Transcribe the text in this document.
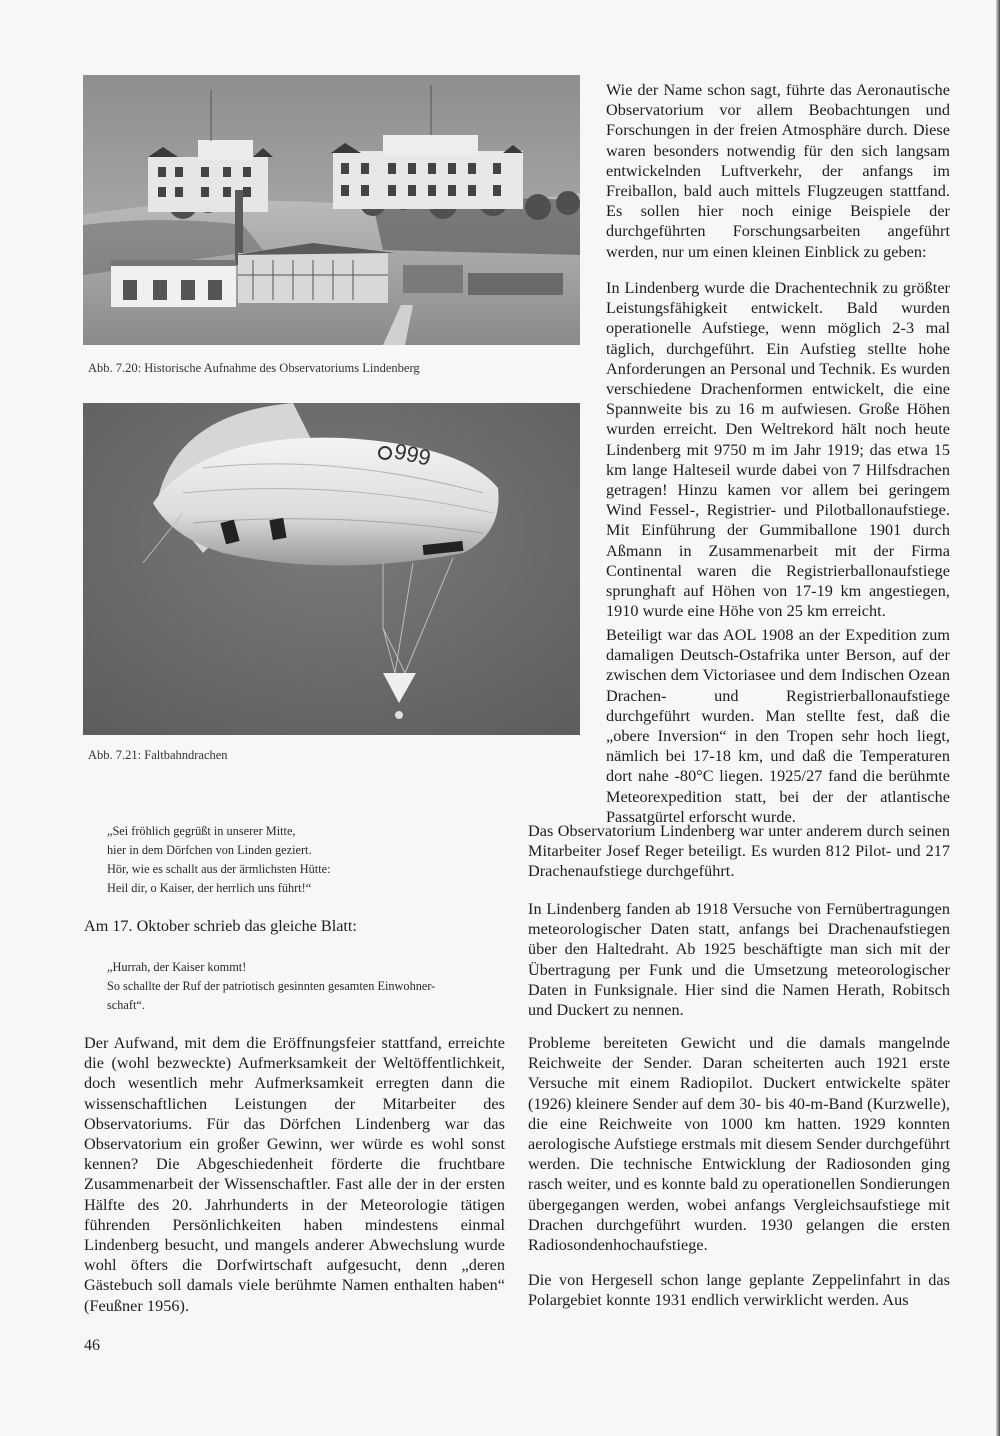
Abb. 7.20: Historische Aufnahme des Observatoriums Lindenberg

999

Abb. 7.21: Faltbahndrachen

„Sei fröhlich gegrüßt in unserer Mitte,
hier in dem Dörfchen von Linden geziert.
Hör, wie es schallt aus der ärmlichsten Hütte:
Heil dir, o Kaiser, der herrlich uns führt!“

Am 17. Oktober schrieb das gleiche Blatt:

„Hurrah, der Kaiser kommt!
So schallte der Ruf der patriotisch gesinnten gesamten Einwohner-
schaft“.

Der Aufwand, mit dem die Eröffnungsfeier stattfand, erreichte die (wohl bezweckte) Aufmerksamkeit der Weltöffentlichkeit, doch wesentlich mehr Aufmerksamkeit erregten dann die wissenschaftlichen Leistungen der Mitarbeiter des Observatoriums. Für das Dörfchen Lindenberg war das Observatorium ein großer Gewinn, wer würde es wohl sonst kennen? Die Abgeschiedenheit förderte die fruchtbare Zusammenarbeit der Wissenschaftler. Fast alle der in der ersten Hälfte des 20. Jahrhunderts in der Meteorologie tätigen führenden Persönlichkeiten haben mindestens einmal Lindenberg besucht, und mangels anderer Abwechslung wurde wohl öfters die Dorfwirtschaft aufgesucht, denn „deren Gästebuch soll damals viele berühmte Namen enthalten haben“ (Feußner 1956).

Wie der Name schon sagt, führte das Aeronautische Observatorium vor allem Beobachtungen und Forschungen in der freien Atmosphäre durch. Diese waren besonders notwendig für den sich langsam entwickelnden Luftverkehr, der anfangs im Freiballon, bald auch mittels Flugzeugen stattfand. Es sollen hier noch einige Beispiele der durchgeführten Forschungsarbeiten angeführt werden, nur um einen kleinen Einblick zu geben:

In Lindenberg wurde die Drachentechnik zu größter Leistungsfähigkeit entwickelt. Bald wurden operationelle Aufstiege, wenn möglich 2-3 mal täglich, durchgeführt. Ein Aufstieg stellte hohe Anforderungen an Personal und Technik. Es wurden verschiedene Drachenformen entwickelt, die eine Spannweite bis zu 16 m aufwiesen. Große Höhen wurden erreicht. Den Weltrekord hält noch heute Lindenberg mit 9750 m im Jahr 1919; das etwa 15 km lange Halteseil wurde dabei von 7 Hilfsdrachen getragen! Hinzu kamen vor allem bei geringem Wind Fessel-, Registrier- und Pilotballonaufstiege. Mit Einführung der Gummiballone 1901 durch Aßmann in Zusammenarbeit mit der Firma Continental waren die Registrierballonaufstiege sprunghaft auf Höhen von 17-19 km angestiegen, 1910 wurde eine Höhe von 25 km erreicht.

Beteiligt war das AOL 1908 an der Expedition zum damaligen Deutsch-Ostafrika unter Berson, auf der zwischen dem Victoriasee und dem Indischen Ozean Drachen- und Registrierballonaufstiege durchgeführt wurden. Man stellte fest, daß die „obere Inversion“ in den Tropen sehr hoch liegt, nämlich bei 17-18 km, und daß die Temperaturen dort nahe -80°C liegen. 1925/27 fand die berühmte Meteorexpedition statt, bei der der atlantische Passatgürtel erforscht wurde.

Das Observatorium Lindenberg war unter anderem durch seinen Mitarbeiter Josef Reger beteiligt. Es wurden 812 Pilot- und 217 Drachenaufstiege durchgeführt.

In Lindenberg fanden ab 1918 Versuche von Fernübertragungen meteorologischer Daten statt, anfangs bei Drachenaufstiegen über den Haltedraht. Ab 1925 beschäftigte man sich mit der Übertragung per Funk und die Umsetzung meteorologischer Daten in Funksignale. Hier sind die Namen Herath, Robitsch und Duckert zu nennen.

Probleme bereiteten Gewicht und die damals mangelnde Reichweite der Sender. Daran scheiterten auch 1921 erste Versuche mit einem Radiopilot. Duckert entwickelte später (1926) kleinere Sender auf dem 30- bis 40-m-Band (Kurzwelle), die eine Reichweite von 1000 km hatten. 1929 konnten aerologische Aufstiege erstmals mit diesem Sender durchgeführt werden. Die technische Entwicklung der Radiosonden ging rasch weiter, und es konnte bald zu operationellen Sondierungen übergegangen werden, wobei anfangs Vergleichsaufstiege mit Drachen durchgeführt wurden. 1930 gelangen die ersten Radiosondenhochaufstiege.

Die von Hergesell schon lange geplante Zeppelinfahrt in das Polargebiet konnte 1931 endlich verwirklicht werden. Aus

46
